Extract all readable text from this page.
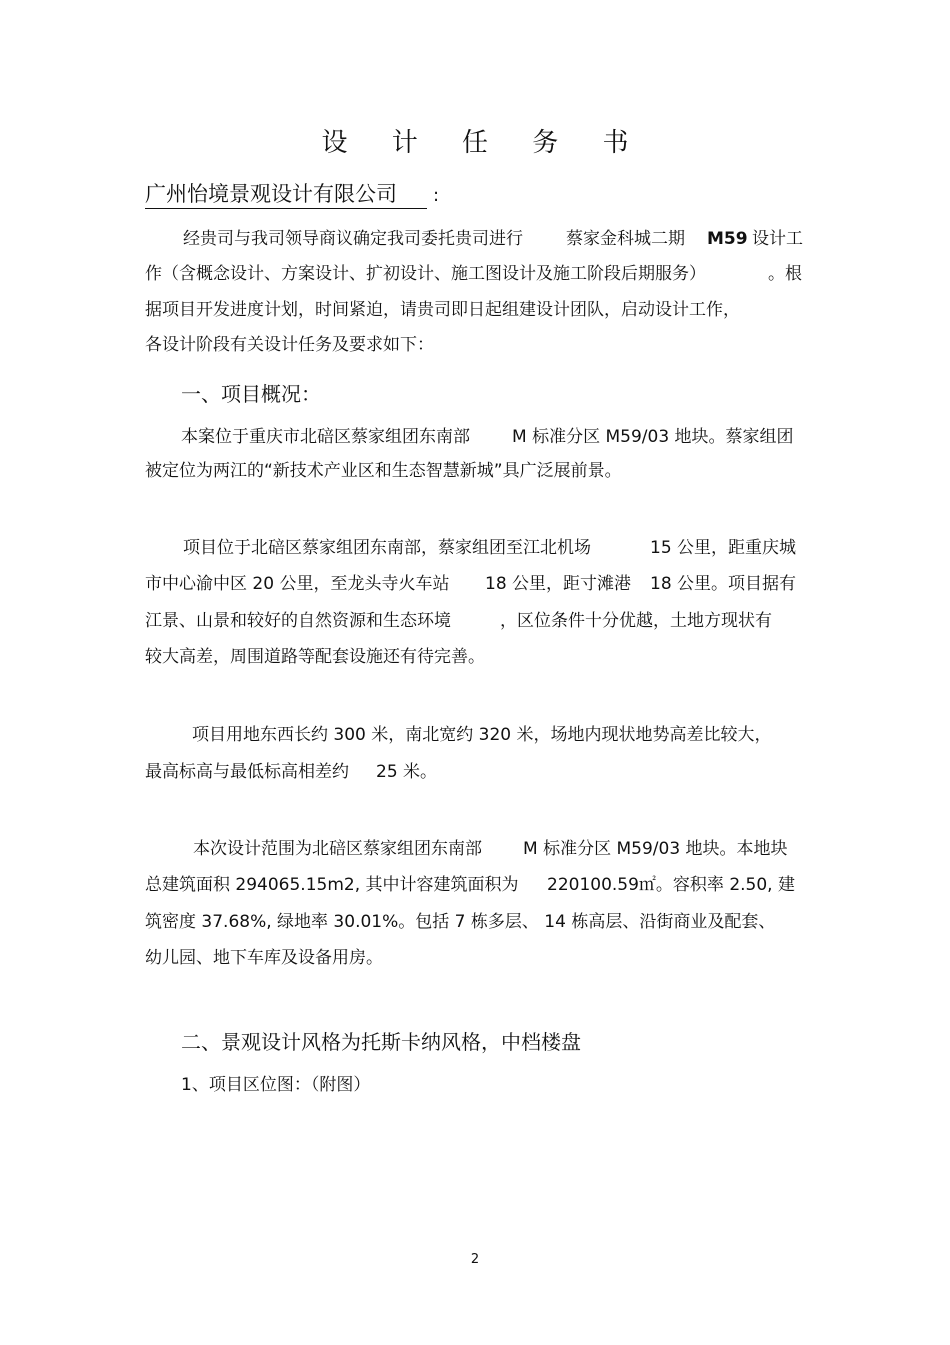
设 计 任 务 书
广州怡境景观设计有限公司 :
经贵司与我司领导商议确定我司委托贵司进行	蔡家金科城二期 M59 设计工
作（含概念设计、方案设计、扩初设计、施工图设计及施工阶段后期服务）	。根
据项目开发进度计划，时间紧迫，请贵司即日起组建设计团队，启动设计工作，
各设计阶段有关设计任务及要求如下：
一、项目概况：
本案位于重庆市北碚区蔡家组团东南部 M 标准分区 M59/03 地块。蔡家组团
被定位为两江的“新技术产业区和生态智慧新城”具广泛展前景。
项目位于北碚区蔡家组团东南部，蔡家组团至江北机场	15 公里，距重庆城
市中心渝中区 20 公里，至龙头寺火车站 18 公里，距寸滩港 18 公里。项目据有
江景、山景和较好的自然资源和生态环境	，区位条件十分优越，土地方现状有
较大高差，周围道路等配套设施还有待完善。
项目用地东西长约 300 米，南北宽约 320 米，场地内现状地势高差比较大，
最高标高与最低标高相差约 25 米。
本次设计范围为北碚区蔡家组团东南部 M 标准分区 M59/03 地块。本地块
总建筑面积 294065.15m2, 其中计容建筑面积为 220100.59㎡。容积率 2.50, 建
筑密度 37.68%, 绿地率 30.01%。包括 7 栋多层、 14 栋高层、沿街商业及配套、
幼儿园、地下车库及设备用房。
二、景观设计风格为托斯卡纳风格，中档楼盘
1、项目区位图：（附图）
2
